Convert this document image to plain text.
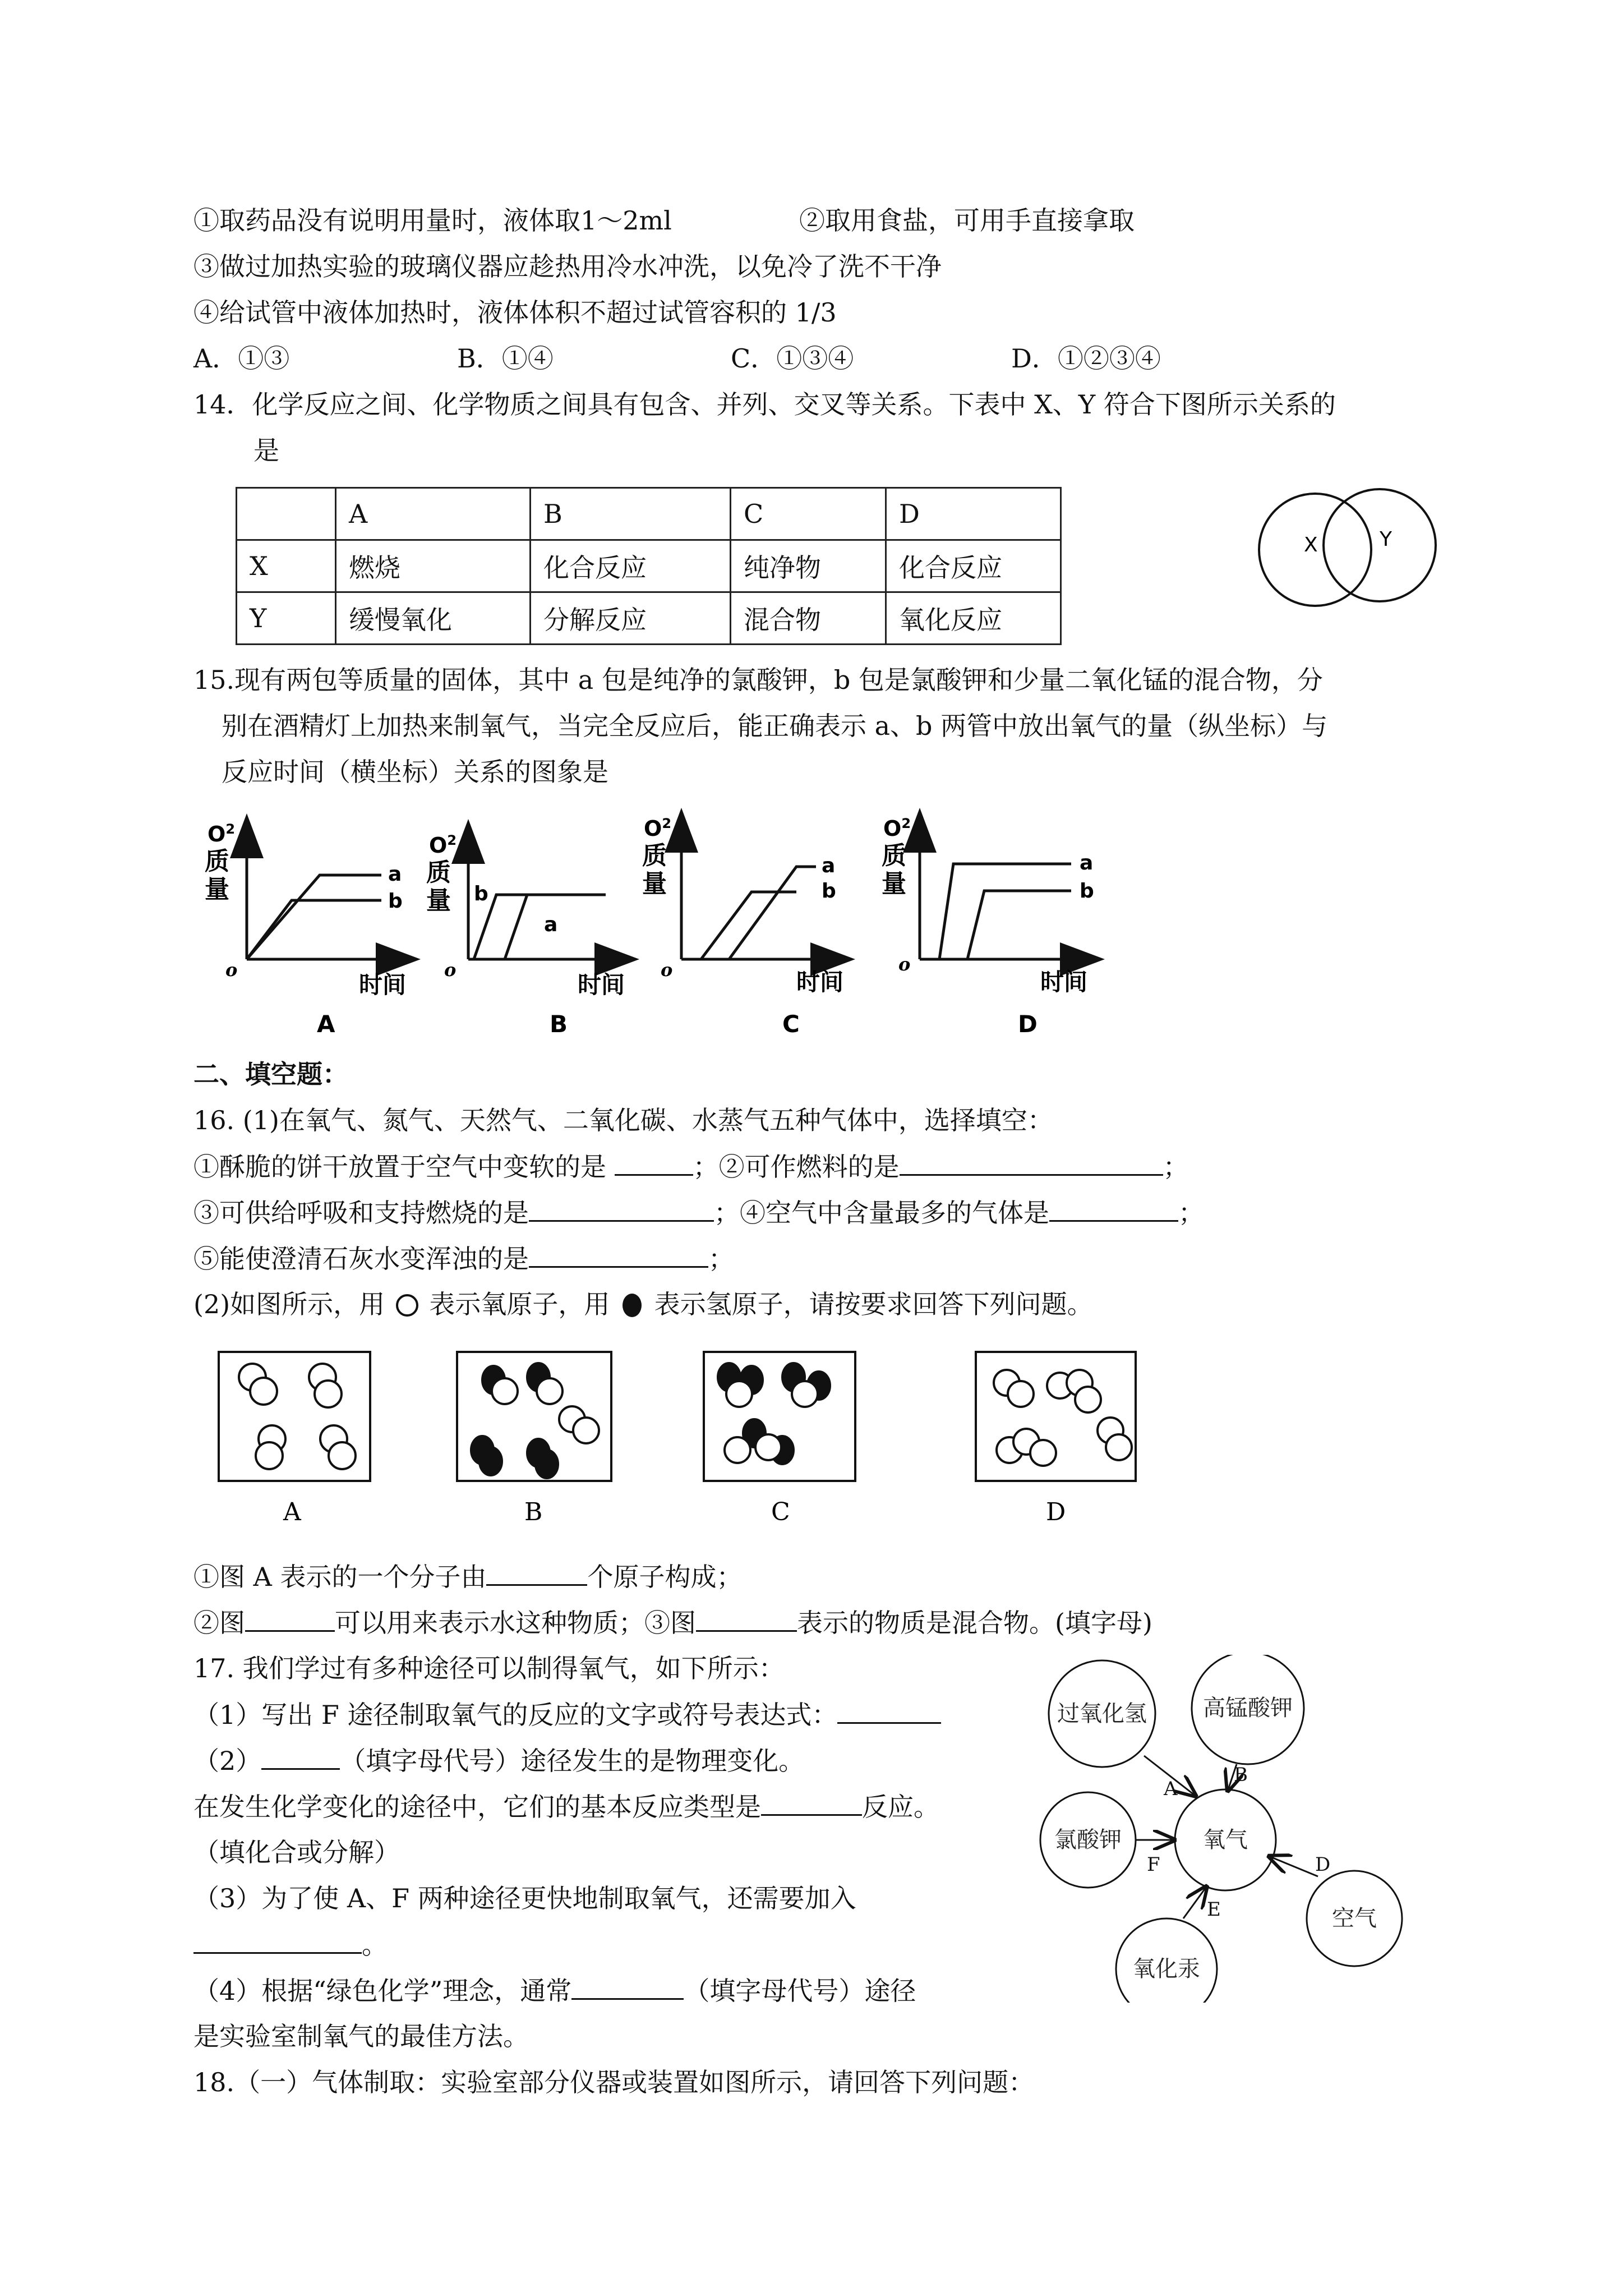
①取药品没有说明用量时，液体取1～2ml	②取用食盐，可用手直接拿取
③做过加热实验的玻璃仪器应趁热用冷水冲洗，以免冷了洗不干净
④给试管中液体加热时，液体体积不超过试管容积的 1/3
A．①③	B．①④	C．①③④	D．①②③④
14．化学反应之间、化学物质之间具有包含、并列、交叉等关系。下表中 X、Y 符合下图所示关系的
是
	A	B	C	D
X	燃烧	化合反应	纯净物	化合反应
Y	缓慢氧化	分解反应	混合物	氧化反应
X	Y
15.现有两包等质量的固体，其中 a 包是纯净的氯酸钾，b 包是氯酸钾和少量二氧化锰的混合物，分
别在酒精灯上加热来制氧气，当完全反应后，能正确表示 a、b 两管中放出氧气的量（纵坐标）与
反应时间（横坐标）关系的图象是
$O^2$
质
量
o
时间
a
b
A
$O^2$
质
量
o
时间
b
a
B
$O^2$
质
量
o	时间
a
b
C
$O^2$
质
量
o
时间
a
b
D
二、填空题：
16. (1)在氧气、氮气、天然气、二氧化碳、水蒸气五种气体中，选择填空：
①酥脆的饼干放置于空气中变软的是	；②可作燃料的是	；
③可供给呼吸和支持燃烧的是	；④空气中含量最多的气体是	；
⑤能使澄清石灰水变浑浊的是	；
(2)如图所示，用  表示氧原子，用  表示氢原子，请按要求回答下列问题。
A	B	C	D
①图 A 表示的一个分子由	个原子构成；
②图	可以用来表示水这种物质；③图	表示的物质是混合物。(填字母)
17. 我们学过有多种途径可以制得氧气，如下所示：
（1）写出 F 途径制取氧气的反应的文字或符号表达式：
（2）	（填字母代号）途径发生的是物理变化。
在发生化学变化的途径中，它们的基本反应类型是	反应。
（填化合或分解）
（3）为了使 A、F 两种途径更快地制取氧气，还需要加入
。
（4）根据“绿色化学”理念，通常	（填字母代号）途径
是实验室制氧气的最佳方法。
过氧化氢	高锰酸钾
氯酸钾	氧气
空气
氧化汞
A
B
F	D
E
18.（一）气体制取：实验室部分仪器或装置如图所示，请回答下列问题：
